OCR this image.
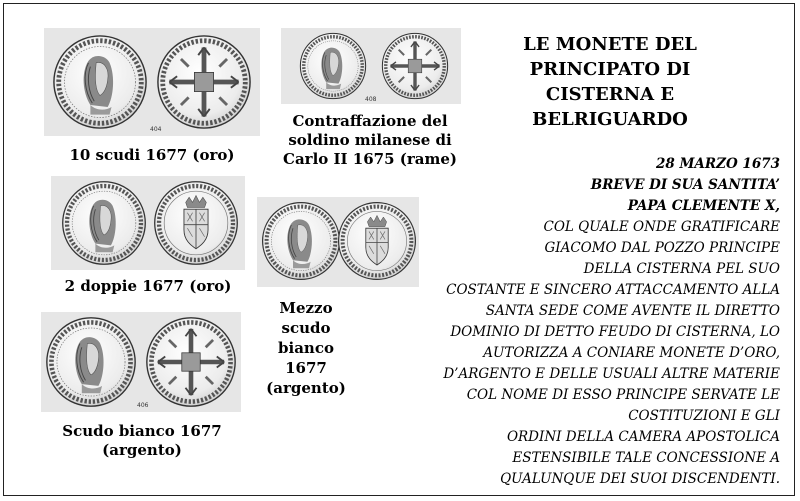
404
10 scudi 1677 (oro)
408
Contraffazione del
soldino milanese di
Carlo II 1675 (rame)
2 doppie 1677 (oro)
Mezzo
scudo
bianco
1677
(argento)
406
Scudo bianco 1677
(argento)
LE MONETE DEL
PRINCIPATO DI
CISTERNA E
BELRIGUARDO
28 MARZO 1673
BREVE DI SUA SANTITA’
PAPA CLEMENTE X,
COL QUALE ONDE GRATIFICARE
GIACOMO DAL POZZO PRINCIPE
DELLA CISTERNA PEL SUO
COSTANTE E SINCERO ATTACCAMENTO ALLA
SANTA SEDE COME AVENTE IL DIRETTO
DOMINIO DI DETTO FEUDO DI CISTERNA, LO
AUTORIZZA A CONIARE MONETE D’ORO,
D’ARGENTO E DELLE USUALI ALTRE MATERIE
COL NOME DI ESSO PRINCIPE SERVATE LE
COSTITUZIONI E GLI
ORDINI DELLA CAMERA APOSTOLICA
ESTENSIBILE TALE CONCESSIONE A
QUALUNQUE DEI SUOI DISCENDENTI.
